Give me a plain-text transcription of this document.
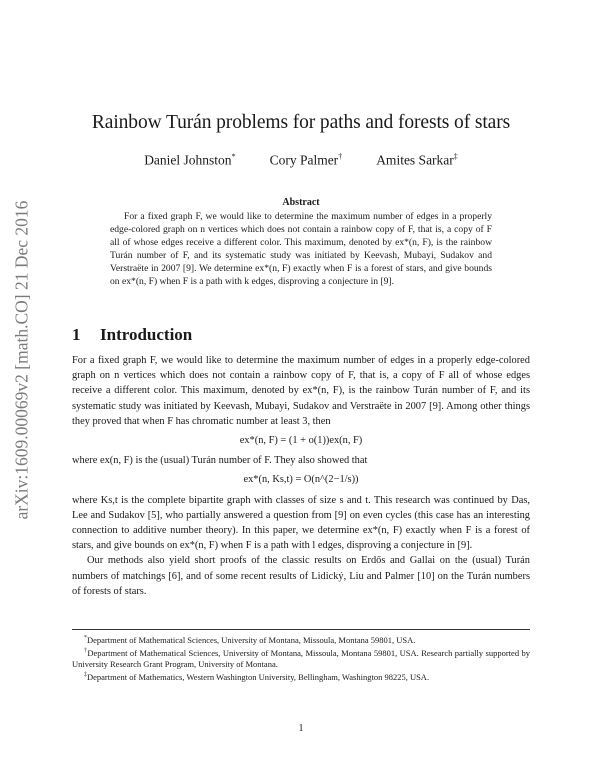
arXiv:1609.00069v2 [math.CO] 21 Dec 2016
Rainbow Turán problems for paths and forests of stars
Daniel Johnston*	Cory Palmer†	Amites Sarkar‡
Abstract

For a fixed graph F, we would like to determine the maximum number of edges in a properly edge-colored graph on n vertices which does not contain a rainbow copy of F, that is, a copy of F all of whose edges receive a different color. This maximum, denoted by ex*(n, F), is the rainbow Turán number of F, and its systematic study was initiated by Keevash, Mubayi, Sudakov and Verstraëte in 2007 [9]. We determine ex*(n, F) exactly when F is a forest of stars, and give bounds on ex*(n, F) when F is a path with k edges, disproving a conjecture in [9].

1 Introduction

For a fixed graph F, we would like to determine the maximum number of edges in a properly edge-colored graph on n vertices which does not contain a rainbow copy of F, that is, a copy of F all of whose edges receive a different color. This maximum, denoted by ex*(n, F), is the rainbow Turán number of F, and its systematic study was initiated by Keevash, Mubayi, Sudakov and Verstraëte in 2007 [9]. Among other things they proved that when F has chromatic number at least 3, then

ex*(n, F) = (1 + o(1))ex(n, F)

where ex(n, F) is the (usual) Turán number of F. They also showed that

ex*(n, Ks,t) = O(n^(2−1/s))

where Ks,t is the complete bipartite graph with classes of size s and t. This research was continued by Das, Lee and Sudakov [5], who partially answered a question from [9] on even cycles (this case has an interesting connection to additive number theory). In this paper, we determine ex*(n, F) exactly when F is a forest of stars, and give bounds on ex*(n, F) when F is a path with l edges, disproving a conjecture in [9].

Our methods also yield short proofs of the classic results on Erdős and Gallai on the (usual) Turán numbers of matchings [6], and of some recent results of Lidický, Liu and Palmer [10] on the Turán numbers of forests of stars.

*Department of Mathematical Sciences, University of Montana, Missoula, Montana 59801, USA.

†Department of Mathematical Sciences, University of Montana, Missoula, Montana 59801, USA. Research partially supported by University Research Grant Program, University of Montana.

‡Department of Mathematics, Western Washington University, Bellingham, Washington 98225, USA.

1
